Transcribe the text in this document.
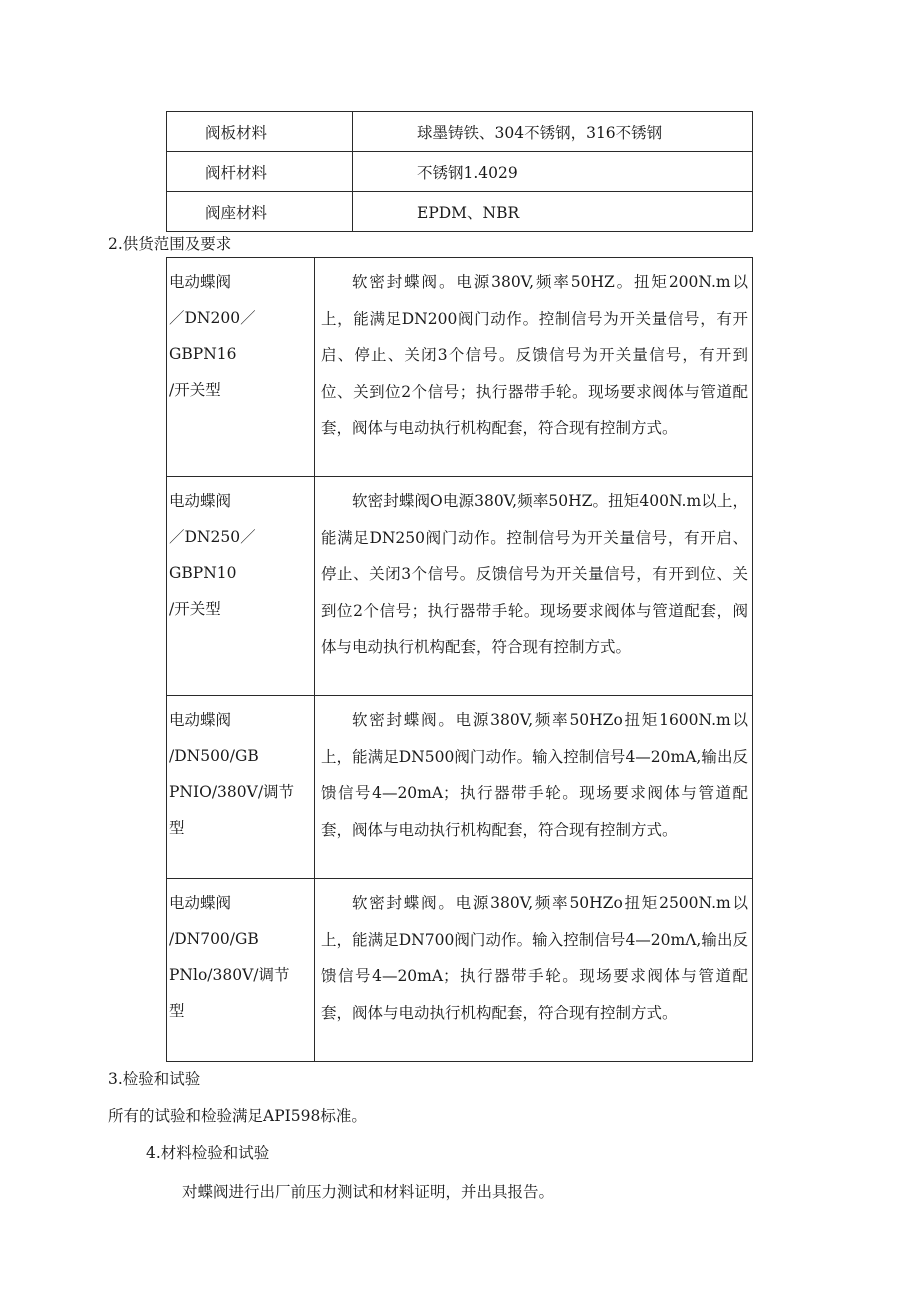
阀板材料	球墨铸铁、304不锈钢，316不锈钢
阀杆材料	不锈钢1.4029
阀座材料	EPDM、NBR
2.供货范围及要求
电动蝶阀
／DN200／GBPN16
/开关型	软密封蝶阀。电源380V,频率50HZ。扭矩200N.m以上，能满足DN200阀门动作。控制信号为开关量信号，有开启、停止、关闭3个信号。反馈信号为开关量信号，有开到位、关到位2个信号；执行器带手轮。现场要求阀体与管道配套，阀体与电动执行机构配套，符合现有控制方式。

电动蝶阀
／DN250／GBPN10
/开关型	软密封蝶阀O电源380V,频率50HZ。扭矩400N.m以上，能满足DN250阀门动作。控制信号为开关量信号，有开启、停止、关闭3个信号。反馈信号为开关量信号，有开到位、关到位2个信号；执行器带手轮。现场要求阀体与管道配套，阀体与电动执行机构配套，符合现有控制方式。

电动蝶阀
/DN500/GB
PNIO/380V/调节
型	软密封蝶阀。电源380V,频率50HZo扭矩1600N.m以上，能满足DN500阀门动作。输入控制信号4—20mA,输出反馈信号4—20mA；执行器带手轮。现场要求阀体与管道配套，阀体与电动执行机构配套，符合现有控制方式。

电动蝶阀
/DN700/GB
PNlo/380V/调节
型	软密封蝶阀。电源380V,频率50HZo扭矩2500N.m以上，能满足DN700阀门动作。输入控制信号4—20mΛ,输出反馈信号4—20mA；执行器带手轮。现场要求阀体与管道配套，阀体与电动执行机构配套，符合现有控制方式。
3.检验和试验
所有的试验和检验满足API598标准。
4.材料检验和试验
对蝶阀进行出厂前压力测试和材料证明，并出具报告。
